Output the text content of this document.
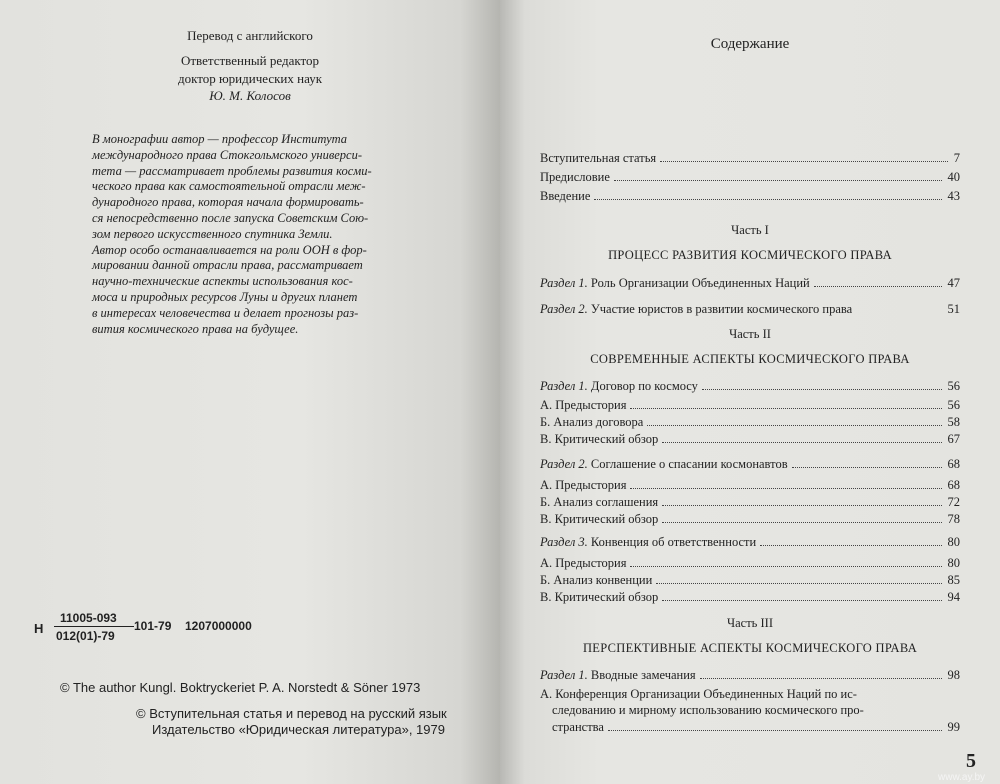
Перевод с английского
Ответственный редактор
доктор юридических наук
Ю. М. Колосов
В монографии автор — профессор Института
международного права Стокгольмского универси-
тета — рассматривает проблемы развития косми-
ческого права как самостоятельной отрасли меж-
дународного права, которая начала формировать-
ся непосредственно после запуска Советским Сою-
зом первого искусственного спутника Земли.
Автор особо останавливается на роли ООН в фор-
мировании данной отрасли права, рассматривает
научно-технические аспекты использования кос-
моса и природных ресурсов Луны и других планет
в интересах человечества и делает прогнозы раз-
вития космического права на будущее.
Н
11005-093
012(01)-79
101-79 1207000000
© The author Kungl. Boktryckeriet P. A. Norstedt & Söner 1973
© Вступительная статья и перевод на русский язык
Издательство «Юридическая литература», 1979
Содержание
Вступительная статья	7
Предисловие	40
Введение	43
Часть I
ПРОЦЕСС РАЗВИТИЯ КОСМИЧЕСКОГО ПРАВА
Раздел 1. Роль Организации Объединенных Наций	47
Раздел 2. Участие юристов в развитии космического права	51
Часть II
СОВРЕМЕННЫЕ АСПЕКТЫ КОСМИЧЕСКОГО ПРАВА
Раздел 1. Договор по космосу	56
А. Предыстория	56
Б. Анализ договора	58
В. Критический обзор	67
Раздел 2. Соглашение о спасании космонавтов	68
А. Предыстория	68
Б. Анализ соглашения	72
В. Критический обзор	78
Раздел 3. Конвенция об ответственности	80
А. Предыстория	80
Б. Анализ конвенции	85
В. Критический обзор	94
Часть III
ПЕРСПЕКТИВНЫЕ АСПЕКТЫ КОСМИЧЕСКОГО ПРАВА
Раздел 1. Вводные замечания	98
А. Конференция Организации Объединенных Наций по ис-
следованию и мирному использованию космического про-
странства	99
5
www.ay.by
